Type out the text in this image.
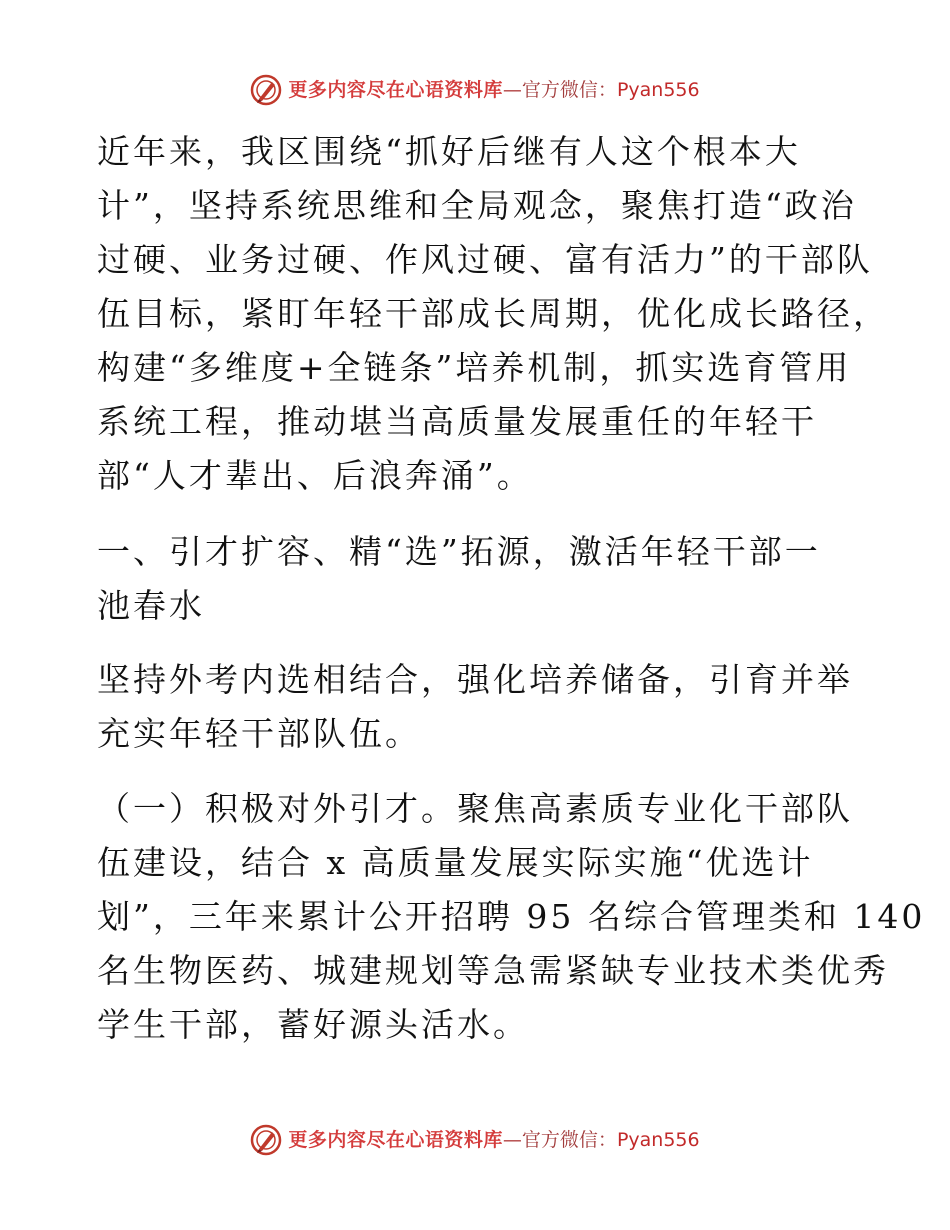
更多内容尽在心语资料库 — 官方微信： Pyan556

近年来，我区围绕“抓好后继有人这个根本大
计”，坚持系统思维和全局观念，聚焦打造“政治
过硬、业务过硬、作风过硬、富有活力”的干部队
伍目标，紧盯年轻干部成长周期，优化成长路径，
构建“多维度+全链条”培养机制，抓实选育管用
系统工程，推动堪当高质量发展重任的年轻干
部“人才辈出、后浪奔涌”。

一、引才扩容、精“选”拓源，激活年轻干部一
池春水

坚持外考内选相结合，强化培养储备，引育并举
充实年轻干部队伍。

（一）积极对外引才。聚焦高素质专业化干部队
伍建设，结合 x 高质量发展实际实施“优选计
划”，三年来累计公开招聘 95 名综合管理类和 140
名生物医药、城建规划等急需紧缺专业技术类优秀
学生干部，蓄好源头活水。

更多内容尽在心语资料库 — 官方微信： Pyan556
